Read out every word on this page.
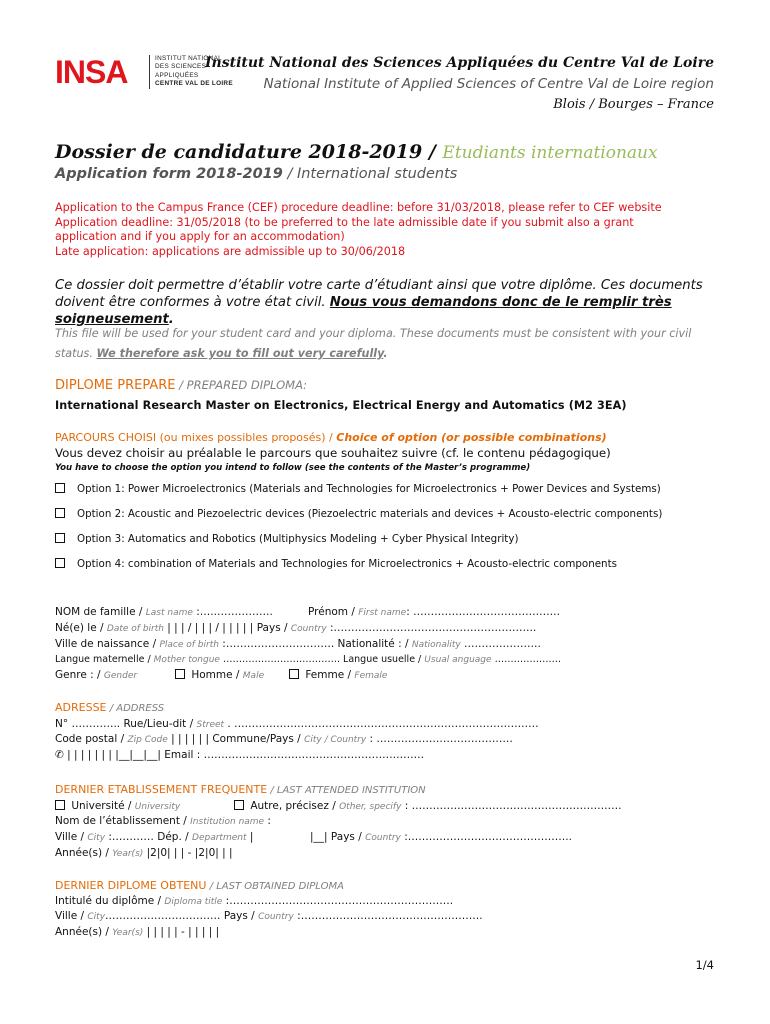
INSA	INSTITUT NATIONAL
DES SCIENCES
APPLIQUÉES
CENTRE VAL DE LOIRE
Institut National des Sciences Appliquées du Centre Val de Loire
National Institute of Applied Sciences of Centre Val de Loire region
Blois / Bourges – France
Dossier de candidature 2018-2019 / Etudiants internationaux
Application form 2018-2019 / International students
Application to the Campus France (CEF) procedure deadline: before 31/03/2018, please refer to CEF website
Application deadline: 31/05/2018 (to be preferred to the late admissible date if you submit also a grant
application and if you apply for an accommodation)
Late application: applications are admissible up to 30/06/2018
Ce dossier doit permettre d’établir votre carte d’étudiant ainsi que votre diplôme. Ces documents doivent être conformes à votre état civil. Nous vous demandons donc de le remplir très soigneusement.
This file will be used for your student card and your diploma. These documents must be consistent with your civil status. We therefore ask you to fill out very carefully.
DIPLOME PREPARE / PREPARED DIPLOMA:
International Research Master on Electronics, Electrical Energy and Automatics (M2 3EA)
PARCOURS CHOISI (ou mixes possibles proposés) / Choice of option (or possible combinations)
Vous devez choisir au préalable le parcours que souhaitez suivre (cf. le contenu pédagogique)
You have to choose the option you intend to follow (see the contents of the Master’s programme)
Option 1: Power Microelectronics (Materials and Technologies for Microelectronics + Power Devices and Systems)
Option 2: Acoustic and Piezoelectric devices (Piezoelectric materials and devices + Acousto-electric components)
Option 3: Automatics and Robotics (Multiphysics Modeling + Cyber Physical Integrity)
Option 4: combination of Materials and Technologies for Microelectronics + Acousto-electric components
NOM de famille / Last name :…..…………….	Prénom / First name: ……………………………………
Né(e) le / Date of birth | | | / | | | / | | | | | Pays / Country :………………………………………………….
Ville de naissance / Place of birth :…………………………. Nationalité : / Nationality ………………….
Langue maternelle / Mother tongue ………………………………. Langue usuelle / Usual anguage …………………
Genre : / Gender	Homme / Male	Femme / Female
ADRESSE / ADDRESS
N° ………….. Rue/Lieu-dit / Street . ……………………………………………………………………………
Code postal / Zip Code | | | | | | Commune/Pays / City / Country : …………………………………
✆ | | | | | | | |__|__|__| Email : ………………………………………………………
DERNIER ETABLISSEMENT FREQUENTE / LAST ATTENDED INSTITUTION
Université / University	Autre, précisez / Other, specify : ……………………………………………………
Nom de l’établissement / Institution name :
Ville / City :………… Dép. / Department |	|__| Pays / Country :………………………………………..
Année(s) / Year(s) |2|0| | | - |2|0| | |
DERNIER DIPLOME OBTENU / LAST OBTAINED DIPLOMA
Intitulé du diplôme / Diploma title :……………………………………………………….
Ville / City…………………………… Pays / Country :…………………………………………….
Année(s) / Year(s) | | | | | - | | | | |
1/4
